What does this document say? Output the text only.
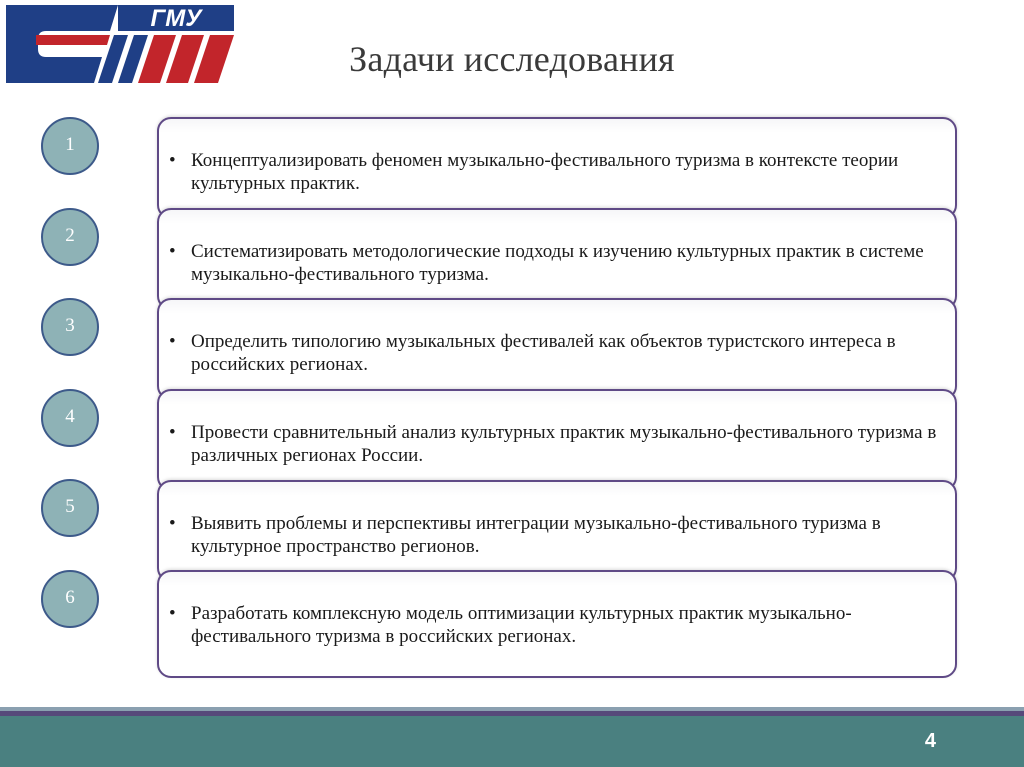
ГМУ
Задачи исследования

• Концептуализировать феномен музыкально-фестивального туризма в контексте теории культурных практик.

• Систематизировать методологические подходы к изучению культурных практик в системе музыкально-фестивального туризма.

• Определить типологию музыкальных фестивалей как объектов туристского интереса в российских регионах.

• Провести сравнительный анализ культурных практик музыкально-фестивального туризма в различных регионах России.

• Выявить проблемы и перспективы интеграции музыкально-фестивального туризма в культурное пространство регионов.

• Разработать комплексную модель оптимизации культурных практик музыкально-фестивального туризма в российских регионах.

1
2
3
4
5
6
4
